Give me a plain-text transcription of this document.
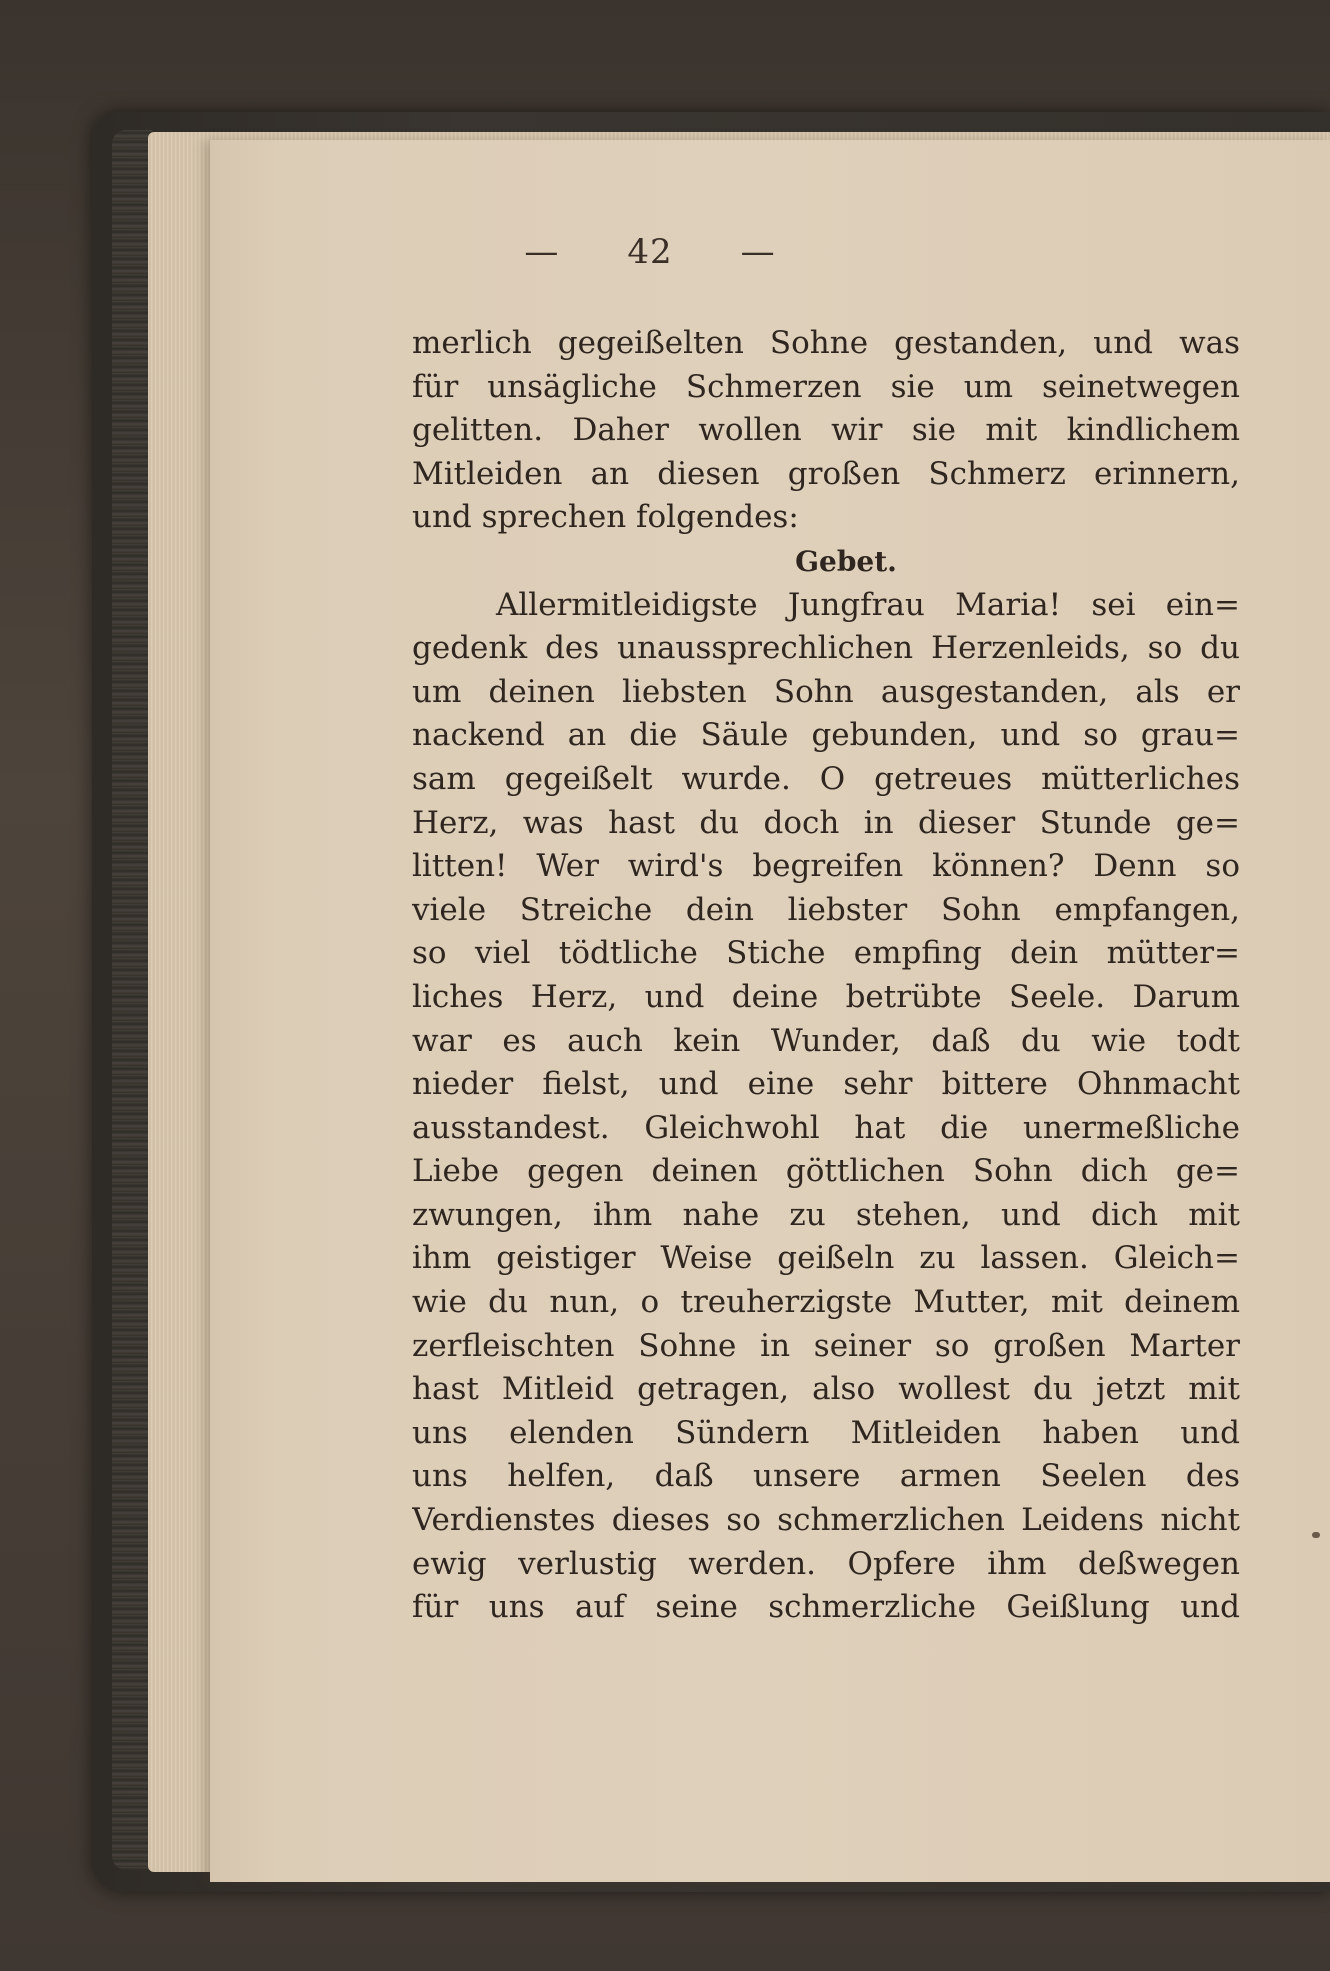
— 42 —
merlich gegeißelten Sohne gestanden, und was
für unsägliche Schmerzen sie um seinetwegen
gelitten. Daher wollen wir sie mit kindlichem
Mitleiden an diesen großen Schmerz erinnern,
und sprechen folgendes:
Gebet.
Allermitleidigste Jungfrau Maria! sei ein=
gedenk des unaussprechlichen Herzenleids, so du
um deinen liebsten Sohn ausgestanden, als er
nackend an die Säule gebunden, und so grau=
sam gegeißelt wurde. O getreues mütterliches
Herz, was hast du doch in dieser Stunde ge=
litten! Wer wird's begreifen können? Denn so
viele Streiche dein liebster Sohn empfangen,
so viel tödtliche Stiche empfing dein mütter=
liches Herz, und deine betrübte Seele. Darum
war es auch kein Wunder, daß du wie todt
nieder fielst, und eine sehr bittere Ohnmacht
ausstandest. Gleichwohl hat die unermeßliche
Liebe gegen deinen göttlichen Sohn dich ge=
zwungen, ihm nahe zu stehen, und dich mit
ihm geistiger Weise geißeln zu lassen. Gleich=
wie du nun, o treuherzigste Mutter, mit deinem
zerfleischten Sohne in seiner so großen Marter
hast Mitleid getragen, also wollest du jetzt mit
uns elenden Sündern Mitleiden haben und
uns helfen, daß unsere armen Seelen des
Verdienstes dieses so schmerzlichen Leidens nicht
ewig verlustig werden. Opfere ihm deßwegen
für uns auf seine schmerzliche Geißlung und
